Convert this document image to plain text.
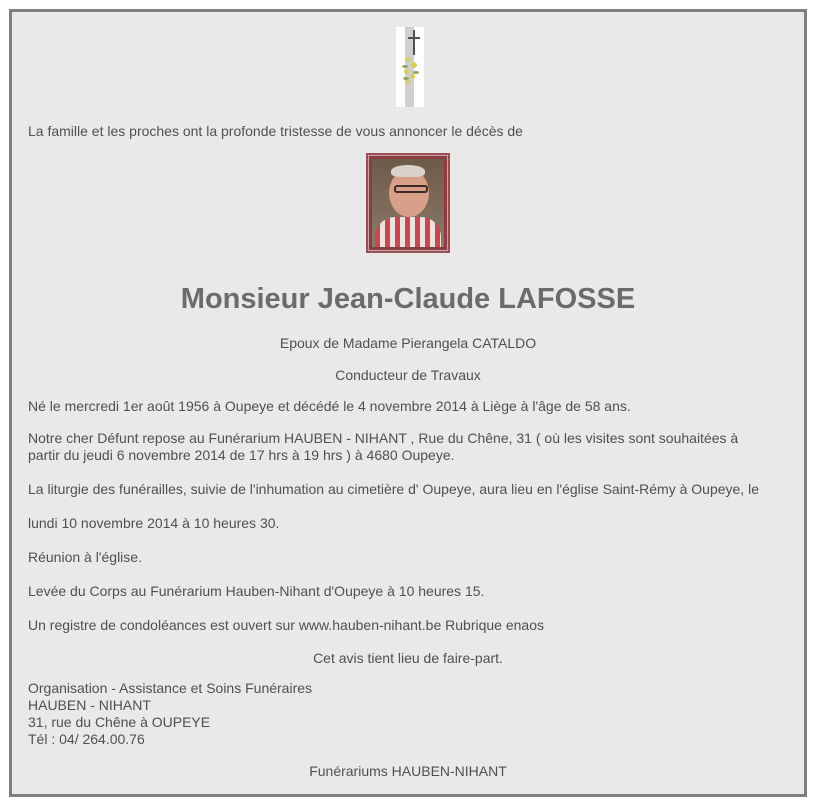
La famille et les proches ont la profonde tristesse de vous annoncer le décès de
Monsieur Jean-Claude LAFOSSE
Epoux de Madame Pierangela CATALDO
Conducteur de Travaux
Né le mercredi 1er août 1956 à Oupeye et décédé le 4 novembre 2014 à Liège à l'âge de 58 ans.
Notre cher Défunt repose au Funérarium HAUBEN - NIHANT , Rue du Chêne, 31 ( où les visites sont souhaitées à
partir du jeudi 6 novembre 2014 de 17 hrs à 19 hrs ) à 4680 Oupeye.
La liturgie des funérailles, suivie de l'inhumation au cimetière d' Oupeye, aura lieu en l'église Saint-Rémy à Oupeye, le
lundi 10 novembre 2014 à 10 heures 30.
Réunion à l'église.
Levée du Corps au Funérarium Hauben-Nihant d'Oupeye à 10 heures 15.
Un registre de condoléances est ouvert sur www.hauben-nihant.be Rubrique enaos
Cet avis tient lieu de faire-part.
Organisation - Assistance et Soins Funéraires
HAUBEN - NIHANT
31, rue du Chêne à OUPEYE
Tél : 04/ 264.00.76
Funérariums HAUBEN-NIHANT
